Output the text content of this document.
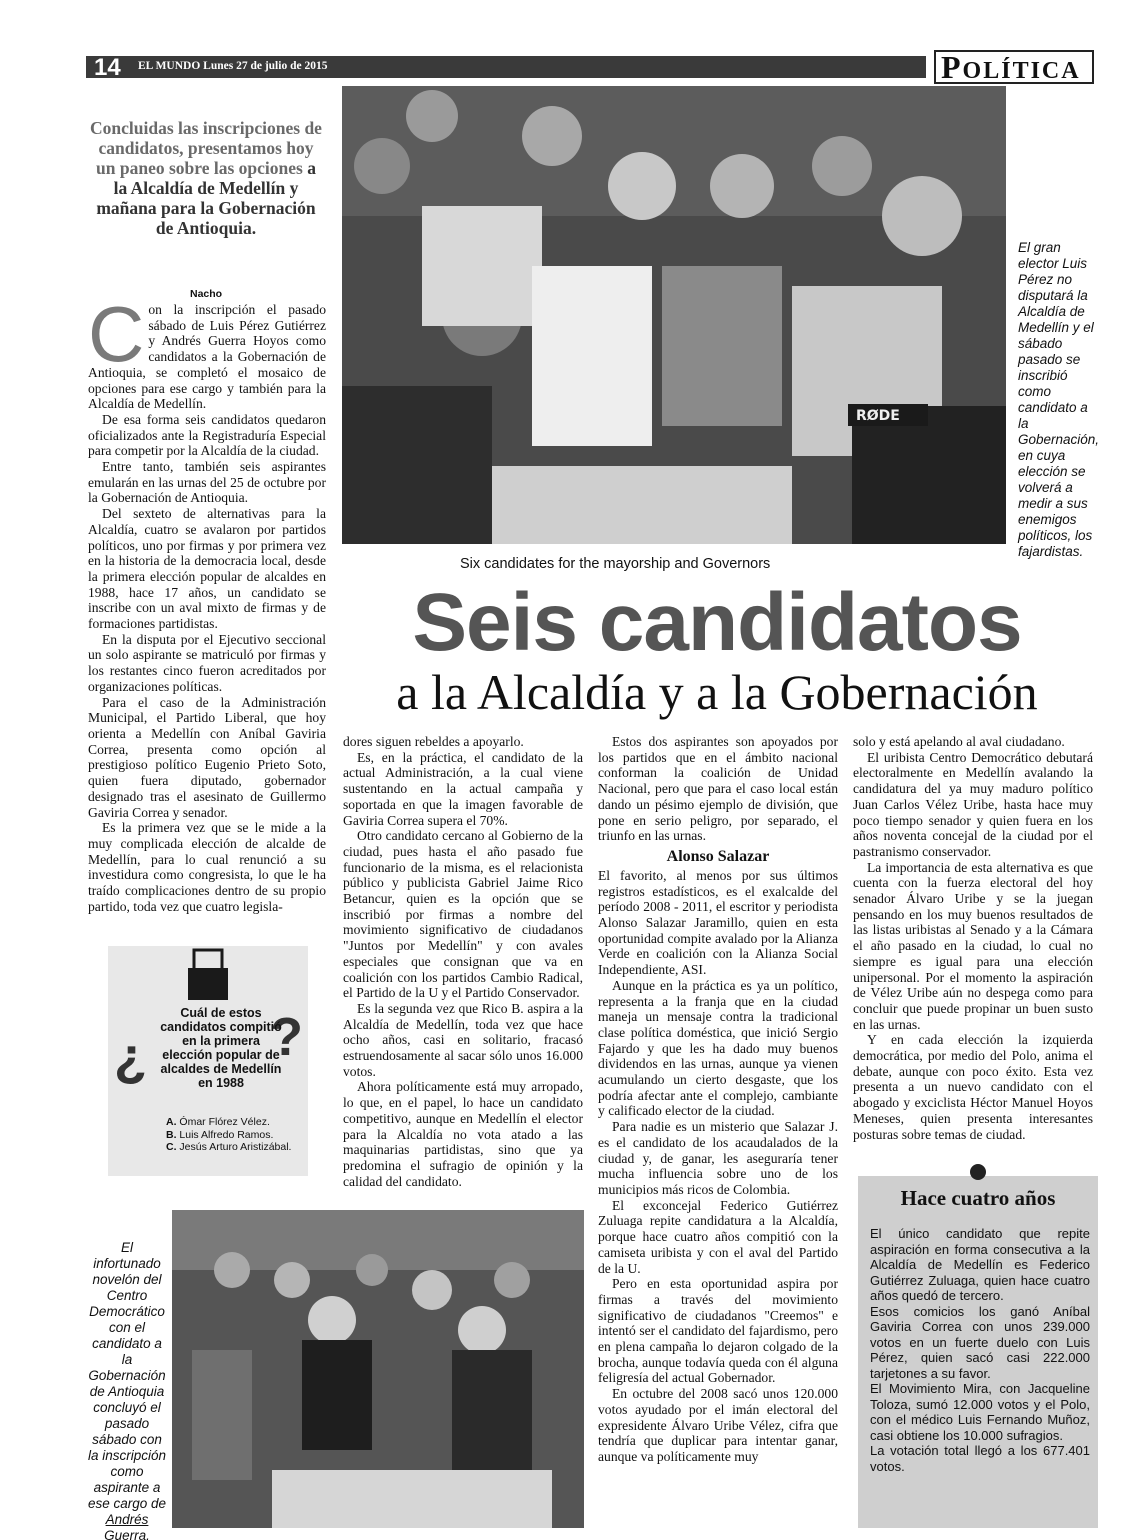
14 EL MUNDO Lunes 27 de julio de 2015	POLÍTICA
Concluidas las inscripciones de candidatos, presentamos hoy un paneo sobre las opciones a la Alcaldía de Medellín y mañana para la Gobernación de Antioquia.
Nacho

Con la inscripción el pasado sábado de Luis Pérez Gutiérrez y Andrés Guerra Hoyos como candidatos a la Gobernación de Antioquia, se completó el mosaico de opciones para ese cargo y también para la Alcaldía de Medellín.

De esa forma seis candidatos quedaron oficializados ante la Registraduría Especial para competir por la Alcaldía de la ciudad.

Entre tanto, también seis aspirantes emularán en las urnas del 25 de octubre por la Gobernación de Antioquia.

Del sexteto de alternativas para la Alcaldía, cuatro se avalaron por partidos políticos, uno por firmas y por primera vez en la historia de la democracia local, desde la primera elección popular de alcaldes en 1988, hace 17 años, un candidato se inscribe con un aval mixto de firmas y de formaciones partidistas.

En la disputa por el Ejecutivo seccional un solo aspirante se matriculó por firmas y los restantes cinco fueron acreditados por organizaciones políticas.

Para el caso de la Administración Municipal, el Partido Liberal, que hoy orienta a Medellín con Aníbal Gaviria Correa, presenta como opción al prestigioso político Eugenio Prieto Soto, quien fuera diputado, gobernador designado tras el asesinato de Guillermo Gaviria Correa y senador.

Es la primera vez que se le mide a la muy complicada elección de alcalde de Medellín, para lo cual renunció a su investidura como congresista, lo que le ha traído complicaciones dentro de su propio partido, toda vez que cuatro legisla-

RØDE
El gran elector Luis Pérez no disputará la Alcaldía de Medellín y el sábado pasado se inscribió como candidato a la Gobernación, en cuya elección se volverá a medir a sus enemigos políticos, los fajardistas.
Six candidates for the mayorship and Governors
Seis candidatos
a la Alcaldía y a la Gobernación
¿ ?
Cuál de estos candidatos compitió en la primera elección popular de alcaldes de Medellín en 1988
A. Ómar Flórez Vélez.
B. Luis Alfredo Ramos.
C. Jesús Arturo Aristizábal.

dores siguen rebeldes a apoyarlo.

Es, en la práctica, el candidato de la actual Administración, a la cual viene sustentando en la actual campaña y soportada en que la imagen favorable de Gaviria Correa supera el 70%.

Otro candidato cercano al Gobierno de la ciudad, pues hasta el año pasado fue funcionario de la misma, es el relacionista público y publicista Gabriel Jaime Rico Betancur, quien es la opción que se inscribió por firmas a nombre del movimiento significativo de ciudadanos "Juntos por Medellín" y con avales especiales que consignan que va en coalición con los partidos Cambio Radical, el Partido de la U y el Partido Conservador.

Es la segunda vez que Rico B. aspira a la Alcaldía de Medellín, toda vez que hace ocho años, casi en solitario, fracasó estruendosamente al sacar sólo unos 16.000 votos.

Ahora políticamente está muy arropado, lo que, en el papel, lo hace un candidato competitivo, aunque en Medellín el elector para la Alcaldía no vota atado a las maquinarias partidistas, sino que ya predomina el sufragio de opinión y la calidad del candidato.

Estos dos aspirantes son apoyados por los partidos que en el ámbito nacional conforman la coalición de Unidad Nacional, pero que para el caso local están dando un pésimo ejemplo de división, que pone en serio peligro, por separado, el triunfo en las urnas.

Alonso Salazar

El favorito, al menos por sus últimos registros estadísticos, es el exalcalde del período 2008 - 2011, el escritor y periodista Alonso Salazar Jaramillo, quien en esta oportunidad compite avalado por la Alianza Verde en coalición con la Alianza Social Independiente, ASI.

Aunque en la práctica es ya un político, representa a la franja que en la ciudad maneja un mensaje contra la tradicional clase política doméstica, que inició Sergio Fajardo y que les ha dado muy buenos dividendos en las urnas, aunque ya vienen acumulando un cierto desgaste, que los podría afectar ante el complejo, cambiante y calificado elector de la ciudad.

Para nadie es un misterio que Salazar J. es el candidato de los acaudalados de la ciudad y, de ganar, les aseguraría tener mucha influencia sobre uno de los municipios más ricos de Colombia.

El exconcejal Federico Gutiérrez Zuluaga repite candidatura a la Alcaldía, porque hace cuatro años compitió con la camiseta uribista y con el aval del Partido de la U.

Pero en esta oportunidad aspira por firmas a través del movimiento significativo de ciudadanos "Creemos" e intentó ser el candidato del fajardismo, pero en plena campaña lo dejaron colgado de la brocha, aunque todavía queda con él alguna feligresía del actual Gobernador.

En octubre del 2008 sacó unos 120.000 votos ayudado por el imán electoral del expresidente Álvaro Uribe Vélez, cifra que tendría que duplicar para intentar ganar, aunque va políticamente muy

solo y está apelando al aval ciudadano.

El uribista Centro Democrático debutará electoralmente en Medellín avalando la candidatura del ya muy maduro político Juan Carlos Vélez Uribe, hasta hace muy poco tiempo senador y quien fuera en los años noventa concejal de la ciudad por el pastranismo conservador.

La importancia de esta alternativa es que cuenta con la fuerza electoral del hoy senador Álvaro Uribe y se la juegan pensando en los muy buenos resultados de las listas uribistas al Senado y a la Cámara el año pasado en la ciudad, lo cual no siempre es igual para una elección unipersonal. Por el momento la aspiración de Vélez Uribe aún no despega como para concluir que puede propinar un buen susto en las urnas.

Y en cada elección la izquierda democrática, por medio del Polo, anima el debate, aunque con poco éxito. Esta vez presenta a un nuevo candidato con el abogado y exciclista Héctor Manuel Hoyos Meneses, quien presenta interesantes posturas sobre temas de ciudad.

El infortunado novelón del Centro Democrático con el candidato a la Gobernación de Antioquia concluyó el pasado sábado con la inscripción como aspirante a ese cargo de Andrés Guerra.
Hace cuatro años

El único candidato que repite aspiración en forma consecutiva a la Alcaldía de Medellín es Federico Gutiérrez Zuluaga, quien hace cuatro años quedó de tercero.

Esos comicios los ganó Aníbal Gaviria Correa con unos 239.000 votos en un fuerte duelo con Luis Pérez, quien sacó casi 222.000 tarjetones a su favor.

El Movimiento Mira, con Jacqueline Toloza, sumó 12.000 votos y el Polo, con el médico Luis Fernando Muñoz, casi obtiene los 10.000 sufragios.

La votación total llegó a los 677.401 votos.
